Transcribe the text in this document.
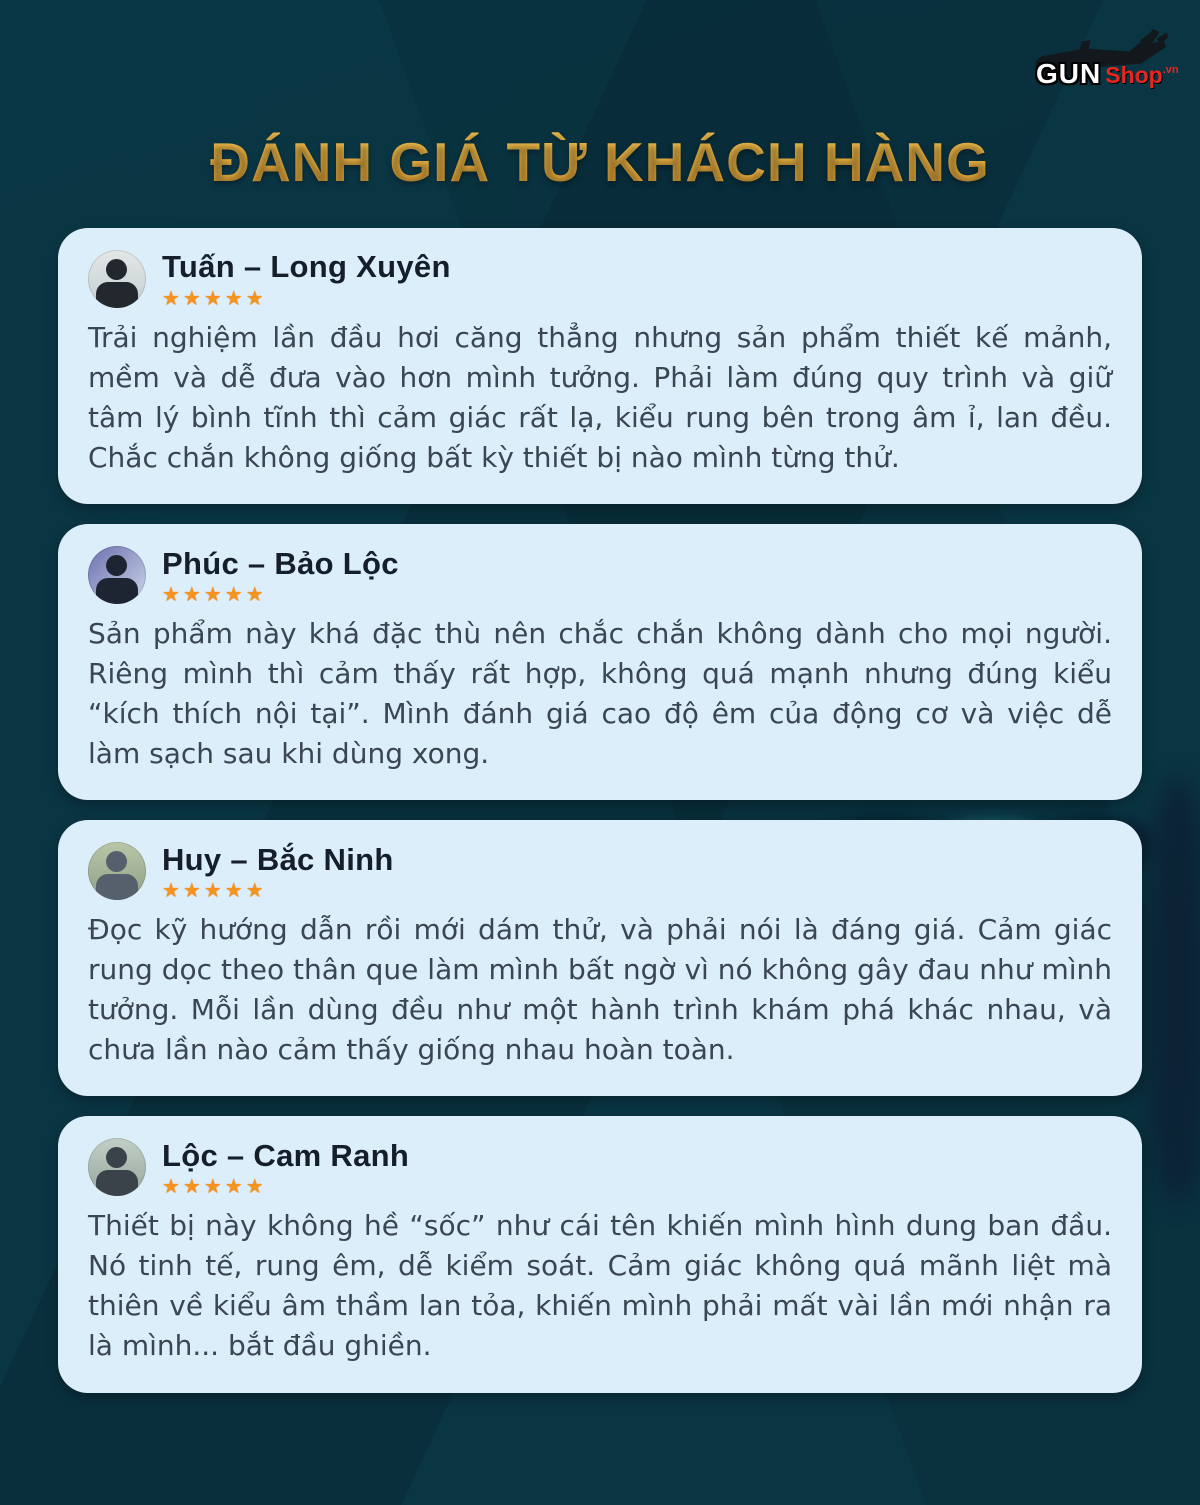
GUN Shop$^{.vn}$
ĐÁNH GIÁ TỪ KHÁCH HÀNG
Tuấn – Long Xuyên
★★★★★

Trải nghiệm lần đầu hơi căng thẳng nhưng sản phẩm thiết kế mảnh, mềm và dễ đưa vào hơn mình tưởng. Phải làm đúng quy trình và giữ tâm lý bình tĩnh thì cảm giác rất lạ, kiểu rung bên trong âm ỉ, lan đều. Chắc chắn không giống bất kỳ thiết bị nào mình từng thử.

Phúc – Bảo Lộc
★★★★★

Sản phẩm này khá đặc thù nên chắc chắn không dành cho mọi người. Riêng mình thì cảm thấy rất hợp, không quá mạnh nhưng đúng kiểu “kích thích nội tại”. Mình đánh giá cao độ êm của động cơ và việc dễ làm sạch sau khi dùng xong.

Huy – Bắc Ninh
★★★★★

Đọc kỹ hướng dẫn rồi mới dám thử, và phải nói là đáng giá. Cảm giác rung dọc theo thân que làm mình bất ngờ vì nó không gây đau như mình tưởng. Mỗi lần dùng đều như một hành trình khám phá khác nhau, và chưa lần nào cảm thấy giống nhau hoàn toàn.

Lộc – Cam Ranh
★★★★★

Thiết bị này không hề “sốc” như cái tên khiến mình hình dung ban đầu. Nó tinh tế, rung êm, dễ kiểm soát. Cảm giác không quá mãnh liệt mà thiên về kiểu âm thầm lan tỏa, khiến mình phải mất vài lần mới nhận ra là mình... bắt đầu ghiền.
